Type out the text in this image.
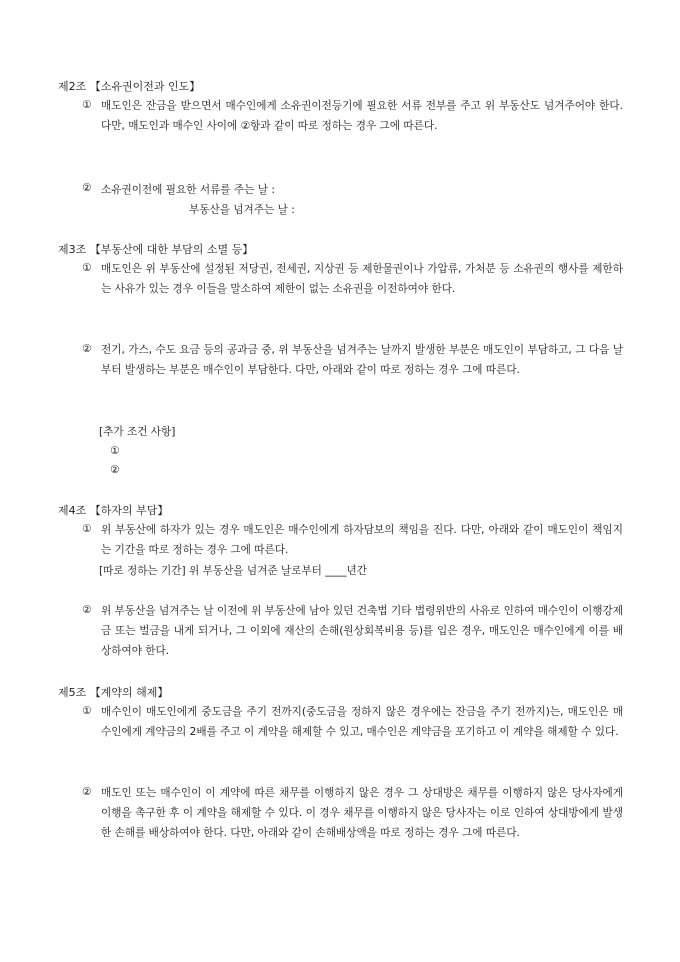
제2조 【소유권이전과 인도】
① 매도인은 잔금을 받으면서 매수인에게 소유권이전등기에 필요한 서류 전부를 주고 위 부동산도 넘겨주어야 한다. 다만, 매도인과 매수인 사이에 ②항과 같이 따로 정하는 경우 그에 따른다.

② 소유권이전에 필요한 서류를 주는 날 :

부동산을 넘겨주는 날 :

제3조 【부동산에 대한 부담의 소멸 등】
① 매도인은 위 부동산에 설정된 저당권, 전세권, 지상권 등 제한물권이나 가압류, 가처분 등 소유권의 행사를 제한하는 사유가 있는 경우 이들을 말소하여 제한이 없는 소유권을 이전하여야 한다.

② 전기, 가스, 수도 요금 등의 공과금 중, 위 부동산을 넘겨주는 날까지 발생한 부분은 매도인이 부담하고, 그 다음 날부터 발생하는 부분은 매수인이 부담한다. 다만, 아래와 같이 따로 정하는 경우 그에 따른다.

[추가 조건 사항]

①

②

제4조 【하자의 부담】
① 위 부동산에 하자가 있는 경우 매도인은 매수인에게 하자담보의 책임을 진다. 다만, 아래와 같이 매도인이 책임지는 기간을 따로 정하는 경우 그에 따른다.

[따로 정하는 기간] 위 부동산을 넘겨준 날로부터 ____년간

② 위 부동산을 넘겨주는 날 이전에 위 부동산에 남아 있던 건축법 기타 법령위반의 사유로 인하여 매수인이 이행강제금 또는 벌금을 내게 되거나, 그 이외에 재산의 손해(원상회복비용 등)를 입은 경우, 매도인은 매수인에게 이를 배상하여야 한다.

제5조 【계약의 해제】
① 매수인이 매도인에게 중도금을 주기 전까지(중도금을 정하지 않은 경우에는 잔금을 주기 전까지)는, 매도인은 매수인에게 계약금의 2배를 주고 이 계약을 해제할 수 있고, 매수인은 계약금을 포기하고 이 계약을 해제할 수 있다.

② 매도인 또는 매수인이 이 계약에 따른 채무를 이행하지 않은 경우 그 상대방은 채무를 이행하지 않은 당사자에게 이행을 촉구한 후 이 계약을 해제할 수 있다. 이 경우 채무를 이행하지 않은 당사자는 이로 인하여 상대방에게 발생한 손해를 배상하여야 한다. 다만, 아래와 같이 손해배상액을 따로 정하는 경우 그에 따른다.
